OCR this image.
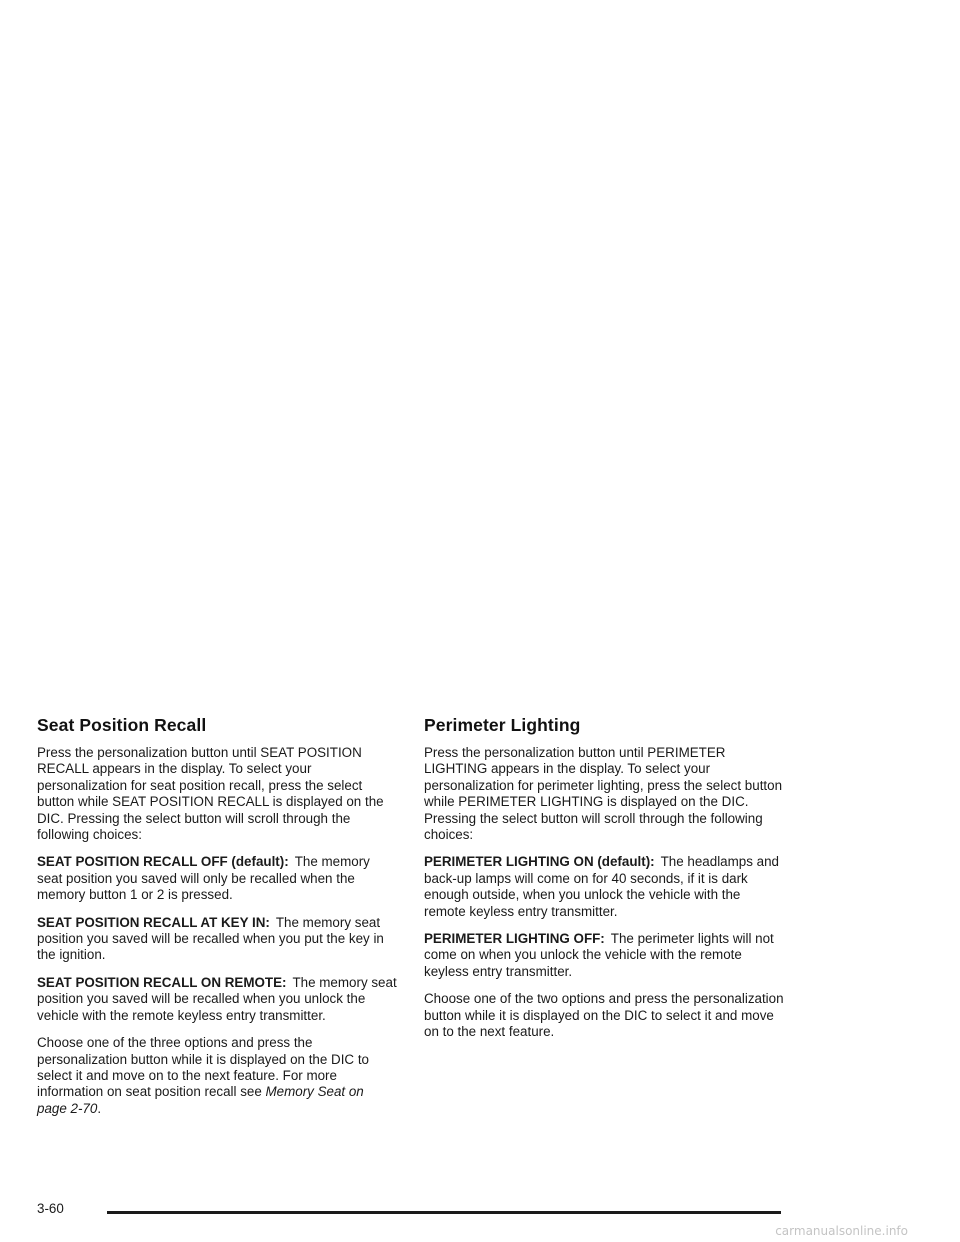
Seat Position Recall

Press the personalization button until SEAT POSITION RECALL appears in the display. To select your personalization for seat position recall, press the select button while SEAT POSITION RECALL is displayed on the DIC. Pressing the select button will scroll through the following choices:

SEAT POSITION RECALL OFF (default): The memory seat position you saved will only be recalled when the memory button 1 or 2 is pressed.

SEAT POSITION RECALL AT KEY IN: The memory seat position you saved will be recalled when you put the key in the ignition.

SEAT POSITION RECALL ON REMOTE: The memory seat position you saved will be recalled when you unlock the vehicle with the remote keyless entry transmitter.

Choose one of the three options and press the personalization button while it is displayed on the DIC to select it and move on to the next feature. For more information on seat position recall see Memory Seat on page 2-70.

Perimeter Lighting

Press the personalization button until PERIMETER LIGHTING appears in the display. To select your personalization for perimeter lighting, press the select button while PERIMETER LIGHTING is displayed on the DIC. Pressing the select button will scroll through the following choices:

PERIMETER LIGHTING ON (default): The headlamps and back-up lamps will come on for 40 seconds, if it is dark enough outside, when you unlock the vehicle with the remote keyless entry transmitter.

PERIMETER LIGHTING OFF: The perimeter lights will not come on when you unlock the vehicle with the remote keyless entry transmitter.

Choose one of the two options and press the personalization button while it is displayed on the DIC to select it and move on to the next feature.

3-60
carmanualsonline.info
